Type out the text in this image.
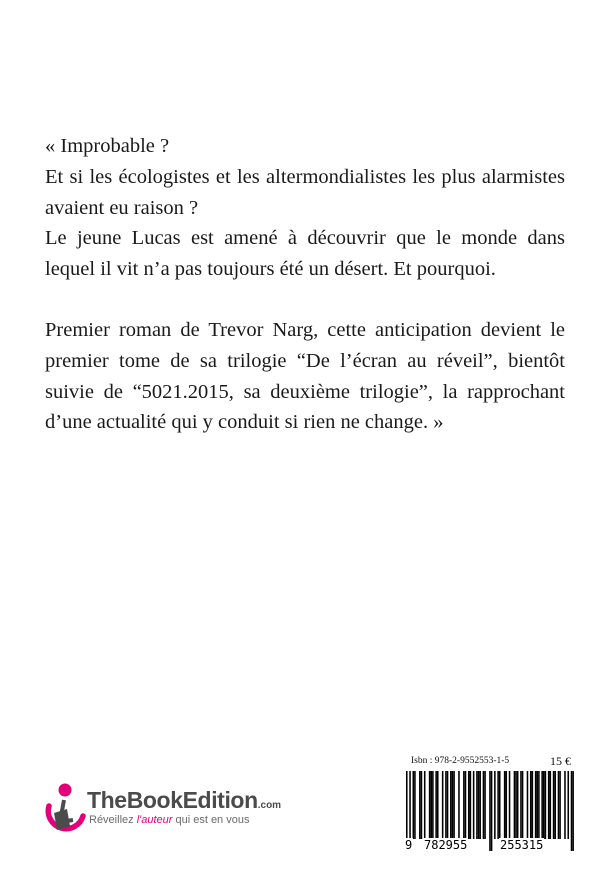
« Improbable ?
Et si les écologistes et les altermondialistes les plus alarmistes avaient eu raison ?
Le jeune Lucas est amené à découvrir que le monde dans lequel il vit n’a pas toujours été un désert. Et pourquoi.

Premier roman de Trevor Narg, cette anticipation devient le premier tome de sa trilogie “De l’écran au réveil”, bientôt suivie de “5021.2015, sa deuxième trilogie”, la rapprochant d’une actualité qui y conduit si rien ne change. »

TheBookEdition.com
Réveillez l'auteur qui est en vous
Isbn : 978-2-9552553-1-5	15 €
9 782955	255315
